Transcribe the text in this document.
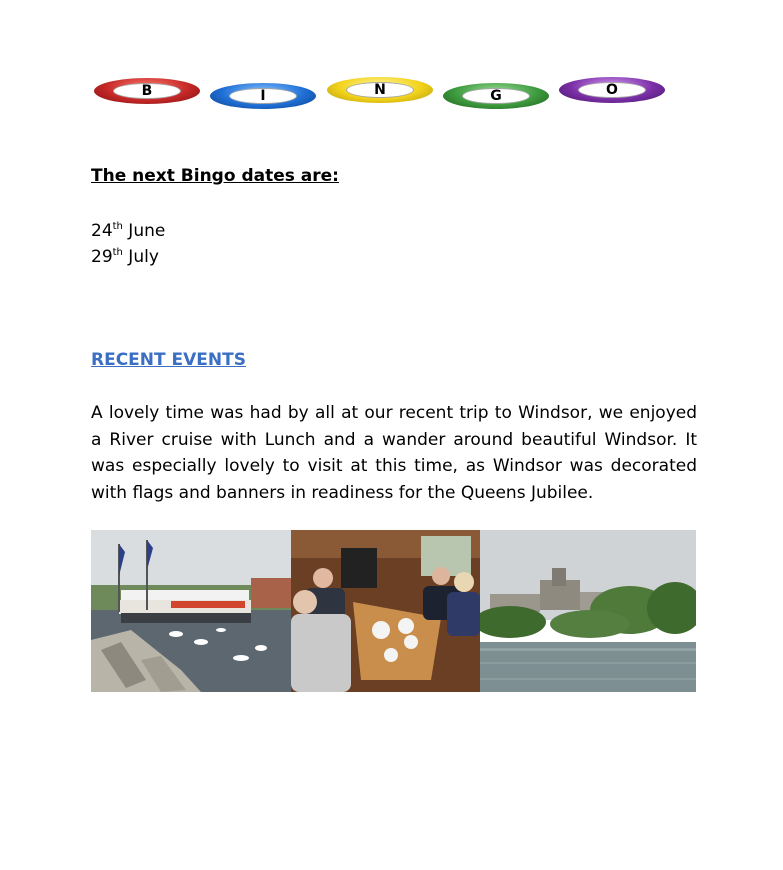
B	I	N	G	O
The next Bingo dates are:
24th June
29th July
RECENT EVENTS
A lovely time was had by all at our recent trip to Windsor, we enjoyed a River cruise with Lunch and a wander around beautiful Windsor. It was especially lovely to visit at this time, as Windsor was decorated with flags and banners in readiness for the Queens Jubilee.
